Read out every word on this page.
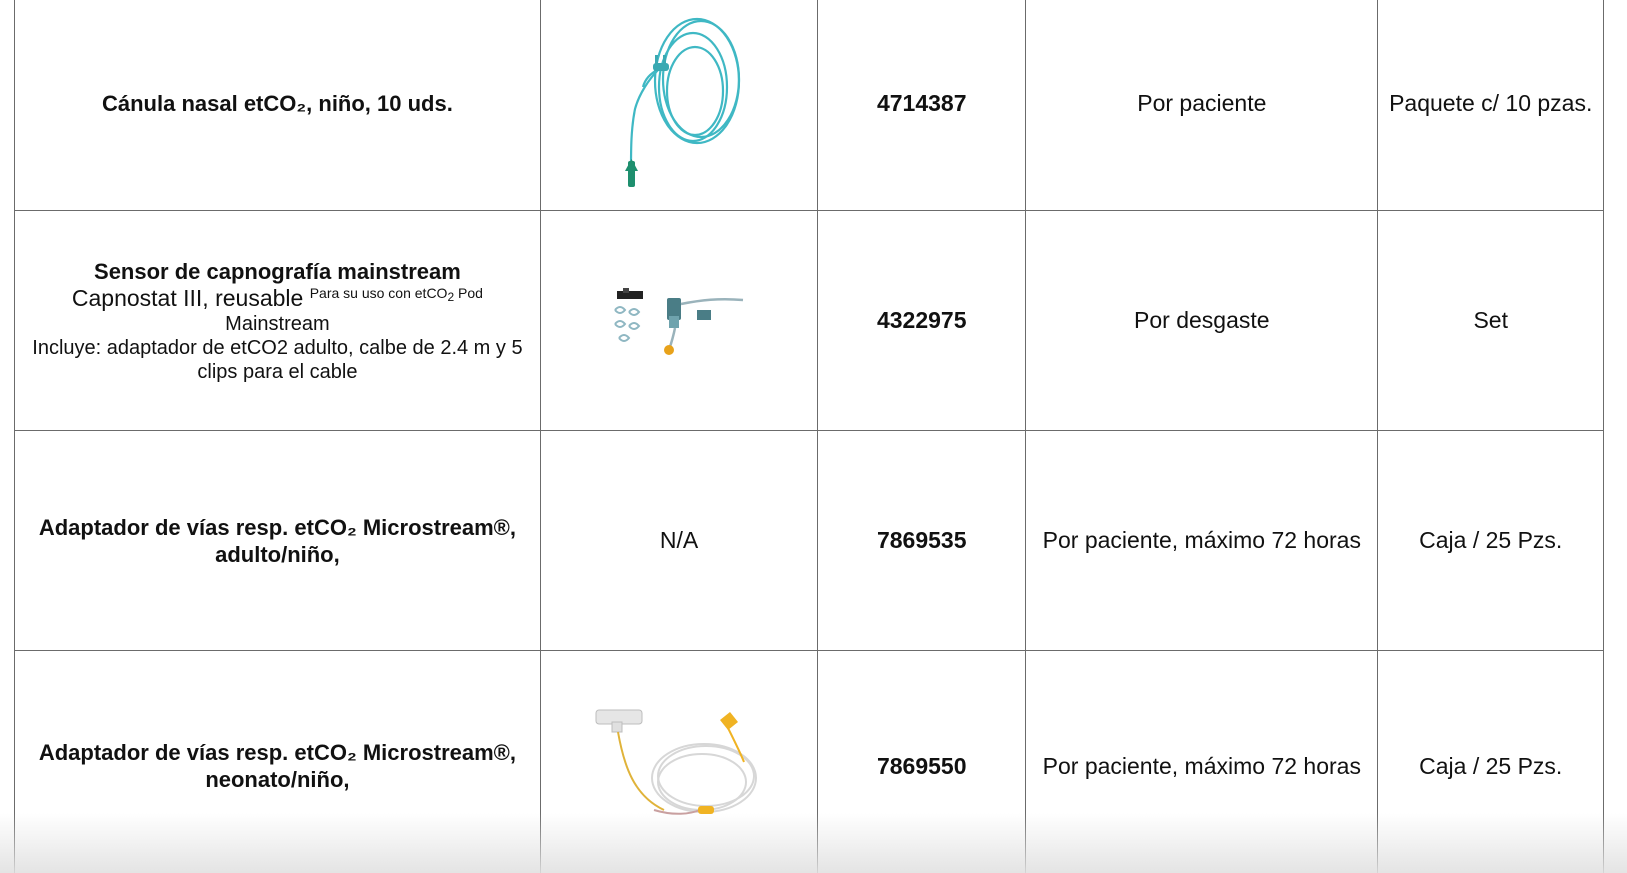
Cánula nasal etCO₂, niño, 10 uds.		4714387	Por paciente	Paquete c/ 10 pzas.

Sensor de capnografía mainstream
Capnostat III, reusable $^{Para su uso con etCO2 Pod}$
Mainstream
Incluye: adaptador de etCO2 adulto, calbe de 2.4 m y 5 clips para el cable		4322975	Por desgaste	Set
Adaptador de vías resp. etCO₂ Microstream®, adulto/niño,	N/A	7869535	Por paciente, máximo 72 horas	Caja / 25 Pzs.
Adaptador de vías resp. etCO₂ Microstream®, neonato/niño,		7869550	Por paciente, máximo 72 horas	Caja / 25 Pzs.
